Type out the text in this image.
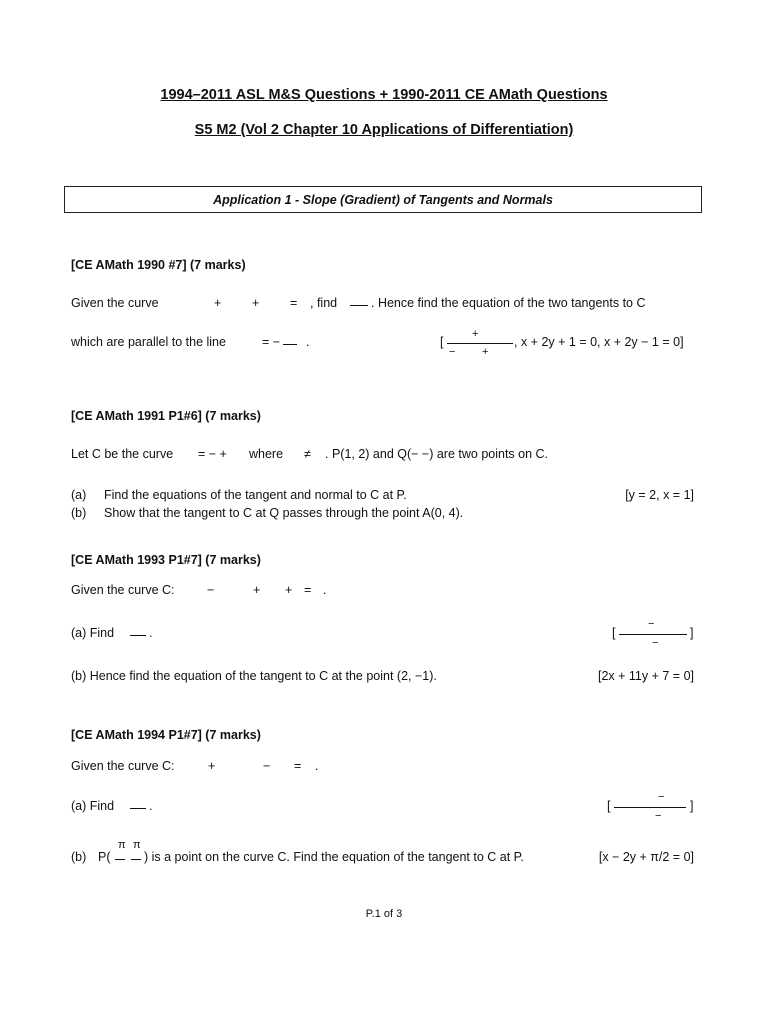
1994–2011 ASL M&S Questions + 1990-2011 CE AMath Questions
S5 M2 (Vol 2 Chapter 10 Applications of Differentiation)
Application 1 - Slope (Gradient) of Tangents and Normals
[CE AMath 1990 #7] (7 marks)
Given the curve	+ + = , find	. Hence find the equation of the two tangents to C
which are parallel to the line	= − .	[
+
− +
, x + 2y + 1 = 0, x + 2y − 1 = 0]
[CE AMath 1991 P1#6] (7 marks)
Let C be the curve = − + where ≠ . P(1, 2) and Q(− −) are two points on C.
(a) Find the equations of the tangent and normal to C at P.	[y = 2, x = 1]
(b) Show that the tangent to C at Q passes through the point A(0, 4).
[CE AMath 1993 P1#7] (7 marks)
Given the curve C:	−	+ + = .
(a) Find	.	[
−
−
]
(b) Hence find the equation of the tangent to C at the point (2, −1).	[2x + 11y + 7 = 0]
[CE AMath 1994 P1#7] (7 marks)
Given the curve C:	+	− = .
(a) Find	.	[
−
−
]
(b) P(
π π
) is a point on the curve C. Find the equation of the tangent to C at P.	[x − 2y + π/2 = 0]
P.1 of 3
